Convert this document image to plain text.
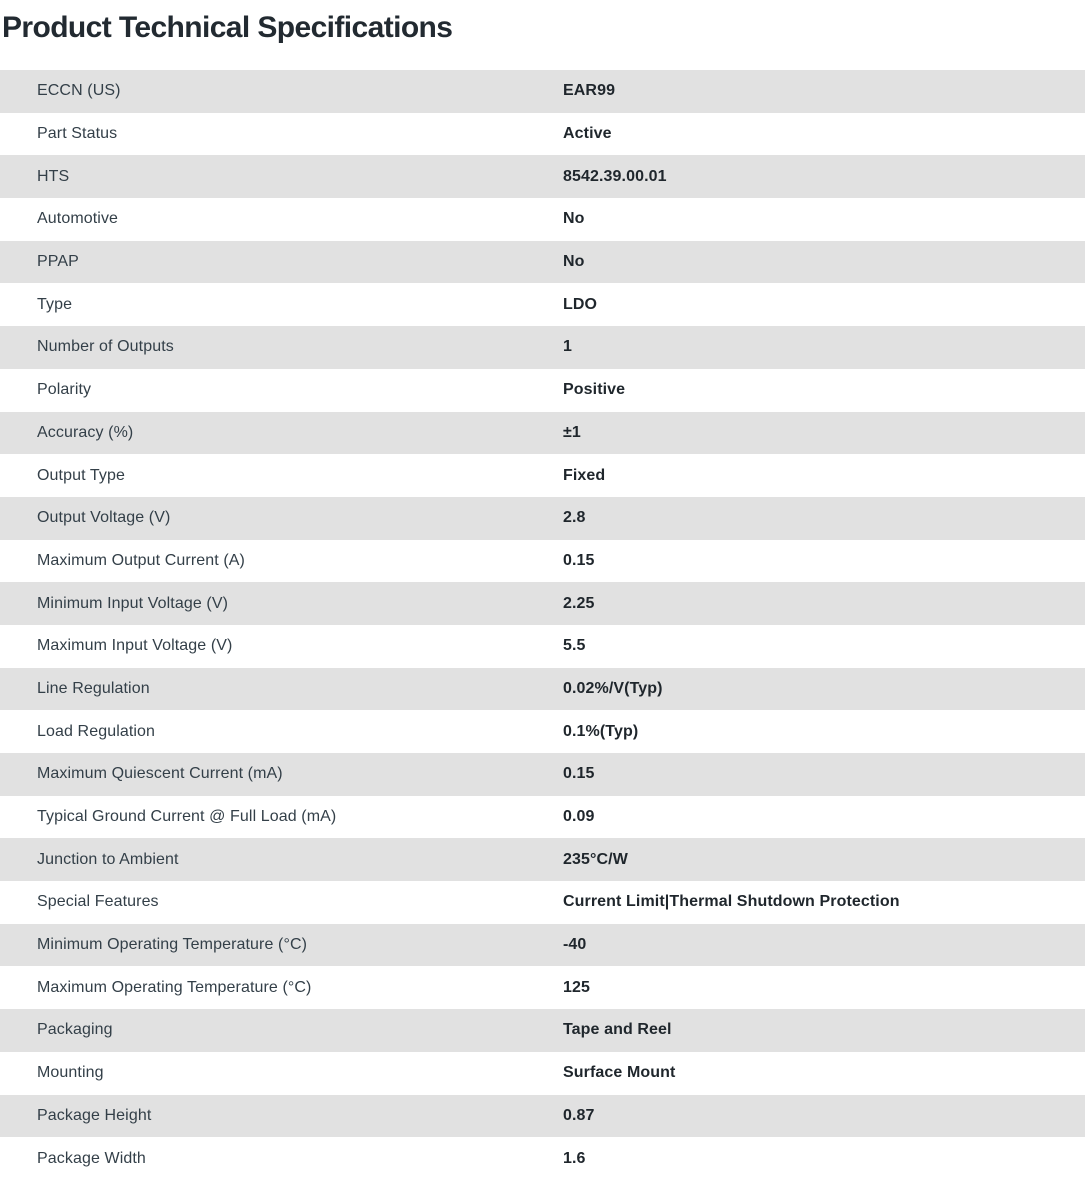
Product Technical Specifications
ECCN (US)	EAR99
Part Status	Active
HTS	8542.39.00.01
Automotive	No
PPAP	No
Type	LDO
Number of Outputs	1
Polarity	Positive
Accuracy (%)	±1
Output Type	Fixed
Output Voltage (V)	2.8
Maximum Output Current (A)	0.15
Minimum Input Voltage (V)	2.25
Maximum Input Voltage (V)	5.5
Line Regulation	0.02%/V(Typ)
Load Regulation	0.1%(Typ)
Maximum Quiescent Current (mA)	0.15
Typical Ground Current @ Full Load (mA)	0.09
Junction to Ambient	235°C/W
Special Features	Current Limit|Thermal Shutdown Protection
Minimum Operating Temperature (°C)	-40
Maximum Operating Temperature (°C)	125
Packaging	Tape and Reel
Mounting	Surface Mount
Package Height	0.87
Package Width	1.6
